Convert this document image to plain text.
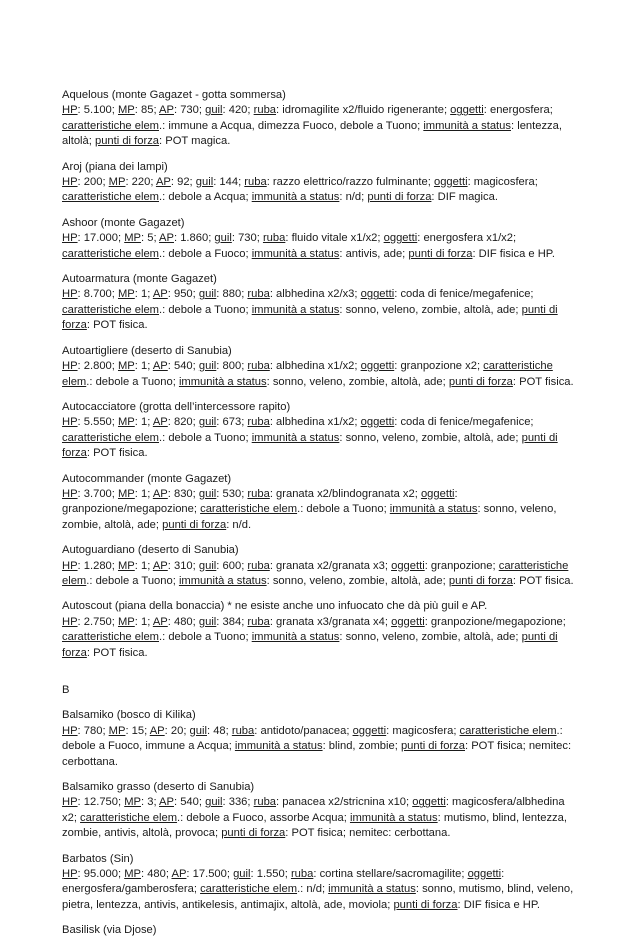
Aquelous (monte Gagazet - gotta sommersa)

HP: 5.100; MP: 85; AP: 730; guil: 420; ruba: idromagilite x2/fluido rigenerante; oggetti: energosfera; caratteristiche elem.: immune a Acqua, dimezza Fuoco, debole a Tuono; immunità a status: lentezza, altolà; punti di forza: POT magica.

Aroj (piana dei lampi)

HP: 200; MP: 220; AP: 92; guil: 144; ruba: razzo elettrico/razzo fulminante; oggetti: magicosfera; caratteristiche elem.: debole a Acqua; immunità a status: n/d; punti di forza: DIF magica.

Ashoor (monte Gagazet)

HP: 17.000; MP: 5; AP: 1.860; guil: 730; ruba: fluido vitale x1/x2; oggetti: energosfera x1/x2; caratteristiche elem.: debole a Fuoco; immunità a status: antivis, ade; punti di forza: DIF fisica e HP.

Autoarmatura (monte Gagazet)

HP: 8.700; MP: 1; AP: 950; guil: 880; ruba: albhedina x2/x3; oggetti: coda di fenice/megafenice; caratteristiche elem.: debole a Tuono; immunità a status: sonno, veleno, zombie, altolà, ade; punti di forza: POT fisica.

Autoartigliere (deserto di Sanubia)

HP: 2.800; MP: 1; AP: 540; guil: 800; ruba: albhedina x1/x2; oggetti: granpozione x2; caratteristiche elem.: debole a Tuono; immunità a status: sonno, veleno, zombie, altolà, ade; punti di forza: POT fisica.

Autocacciatore (grotta dell’intercessore rapito)

HP: 5.550; MP: 1; AP: 820; guil: 673; ruba: albhedina x1/x2; oggetti: coda di fenice/megafenice; caratteristiche elem.: debole a Tuono; immunità a status: sonno, veleno, zombie, altolà, ade; punti di forza: POT fisica.

Autocommander (monte Gagazet)

HP: 3.700; MP: 1; AP: 830; guil: 530; ruba: granata x2/blindogranata x2; oggetti: granpozione/megapozione; caratteristiche elem.: debole a Tuono; immunità a status: sonno, veleno, zombie, altolà, ade; punti di forza: n/d.

Autoguardiano (deserto di Sanubia)

HP: 1.280; MP: 1; AP: 310; guil: 600; ruba: granata x2/granata x3; oggetti: granpozione; caratteristiche elem.: debole a Tuono; immunità a status: sonno, veleno, zombie, altolà, ade; punti di forza: POT fisica.

Autoscout (piana della bonaccia) * ne esiste anche uno infuocato che dà più guil e AP.

HP: 2.750; MP: 1; AP: 480; guil: 384; ruba: granata x3/granata x4; oggetti: granpozione/megapozione; caratteristiche elem.: debole a Tuono; immunità a status: sonno, veleno, zombie, altolà, ade; punti di forza: POT fisica.

B

Balsamiko (bosco di Kilika)

HP: 780; MP: 15; AP: 20; guil: 48; ruba: antidoto/panacea; oggetti: magicosfera; caratteristiche elem.: debole a Fuoco, immune a Acqua; immunità a status: blind, zombie; punti di forza: POT fisica; nemitec: cerbottana.

Balsamiko grasso (deserto di Sanubia)

HP: 12.750; MP: 3; AP: 540; guil: 336; ruba: panacea x2/stricnina x10; oggetti: magicosfera/albhedina x2; caratteristiche elem.: debole a Fuoco, assorbe Acqua; immunità a status: mutismo, blind, lentezza, zombie, antivis, altolà, provoca; punti di forza: POT fisica; nemitec: cerbottana.

Barbatos (Sin)

HP: 95.000; MP: 480; AP: 17.500; guil: 1.550; ruba: cortina stellare/sacromagilite; oggetti: energosfera/gamberosfera; caratteristiche elem.: n/d; immunità a status: sonno, mutismo, blind, veleno, pietra, lentezza, antivis, antikelesis, antimajix, altolà, ade, moviola; punti di forza: DIF fisica e HP.

Basilisk (via Djose)
